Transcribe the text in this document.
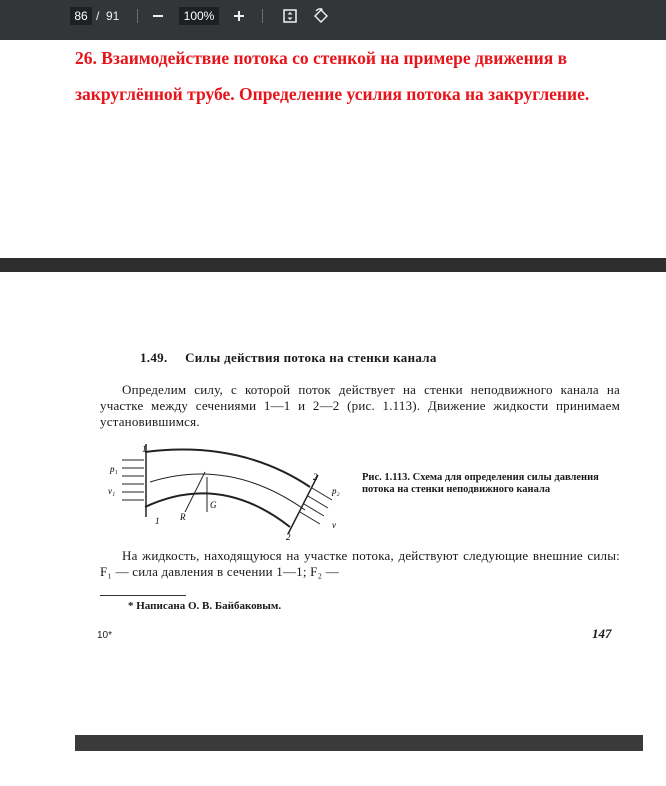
86 / 91	100%
26. Взаимодействие потока со стенкой на примере движения в закруглённой трубе. Определение усилия потока на закругление.
1.49. Силы действия потока на стенки канала
Определим силу, с которой поток действует на стенки неподвижного канала на участке между сечениями 1—1 и 2—2 (рис. 1.113). Движение жидкости принимаем установившимся.
1
1
p₁
v₁
R
G
2
2
p₂
v
Рис. 1.113. Схема для определения силы давления потока на стенки неподвижного канала
На жидкость, находящуюся на участке потока, действуют следующие внешние силы: F₁ — сила давления в сечении 1—1; F₂ —
* Написана О. В. Байбаковым.
10*	147
